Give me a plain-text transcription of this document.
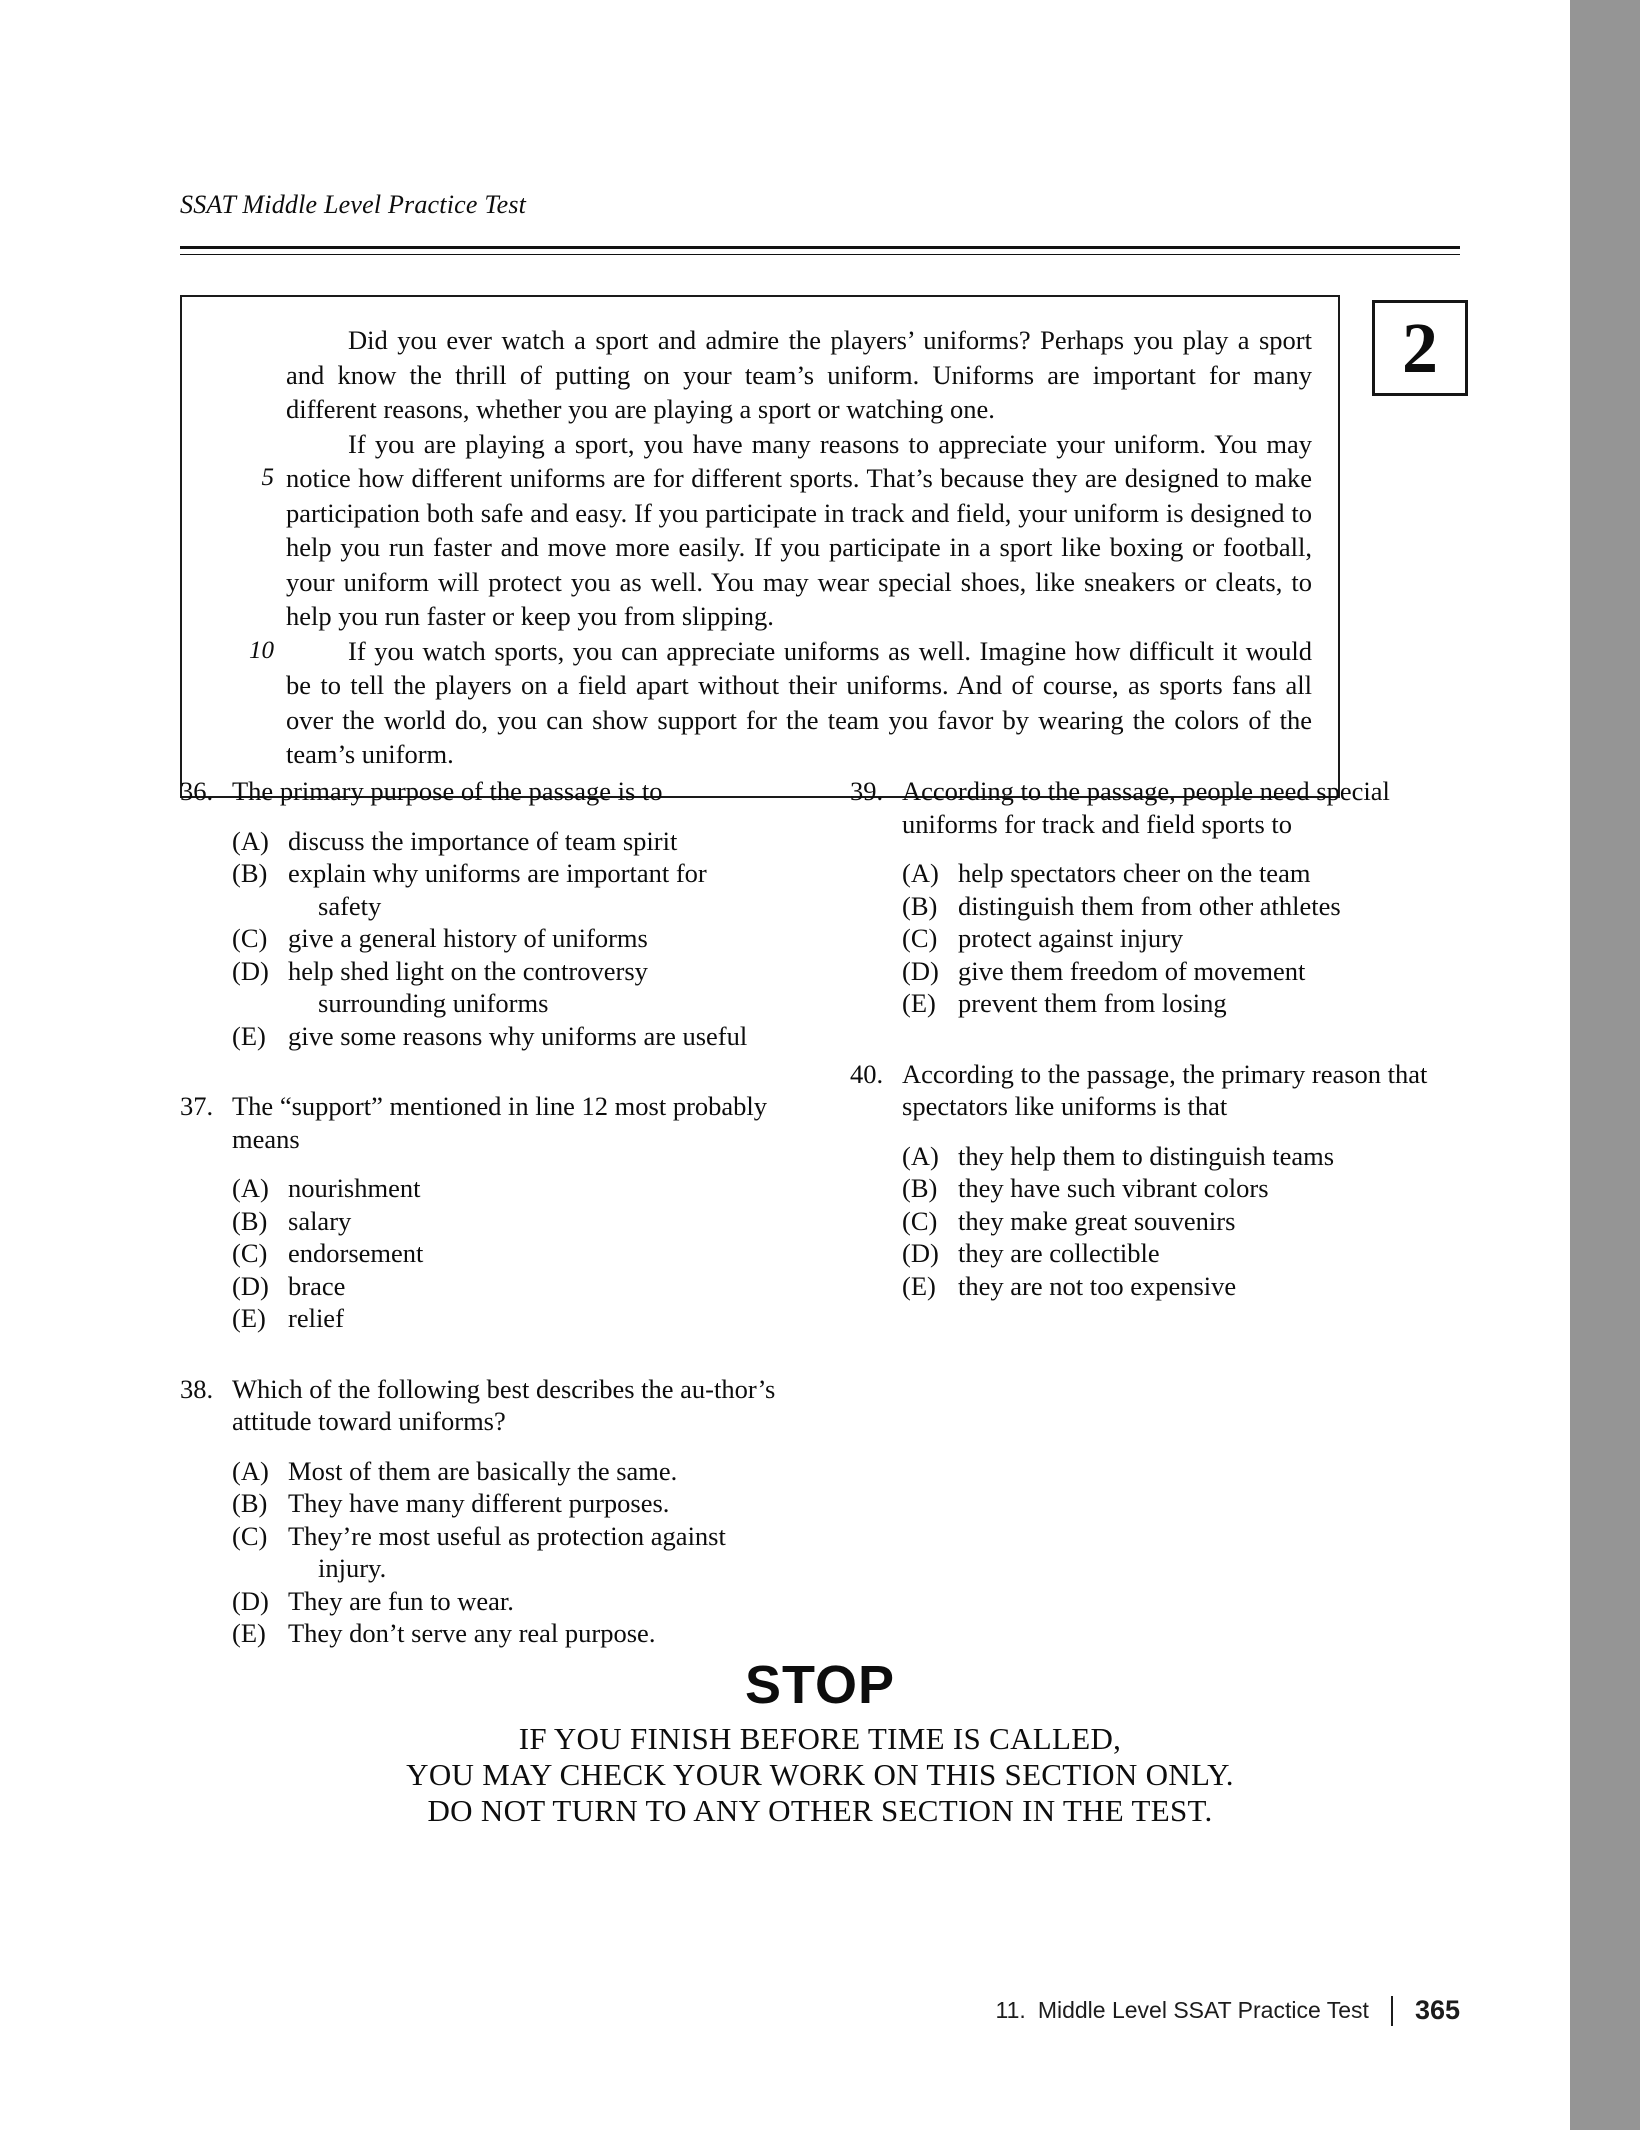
SSAT Middle Level Practice Test
5
10

Did you ever watch a sport and admire the players’ uniforms? Perhaps you play a sport and know the thrill of putting on your team’s uniform. Uniforms are important for many different reasons, whether you are playing a sport or watching one.

If you are playing a sport, you have many reasons to appreciate your uniform. You may notice how different uniforms are for different sports. That’s because they are designed to make participation both safe and easy. If you participate in track and field, your uniform is designed to help you run faster and move more easily. If you participate in a sport like boxing or football, your uniform will protect you as well. You may wear special shoes, like sneakers or cleats, to help you run faster or keep you from slipping.

If you watch sports, you can appreciate uniforms as well. Imagine how difficult it would be to tell the players on a field apart without their uniforms. And of course, as sports fans all over the world do, you can show support for the team you favor by wearing the colors of the team’s uniform.

2
36. The primary purpose of the passage is to
(A) discuss the importance of team spirit
(B) explain why uniforms are important for
safety
(C) give a general history of uniforms
(D) help shed light on the controversy
surrounding uniforms
(E) give some reasons why uniforms are useful
37. The “support” mentioned in line 12 most probably means
(A) nourishment
(B) salary
(C) endorsement
(D) brace
(E) relief
38. Which of the following best describes the au-thor’s attitude toward uniforms?
(A) Most of them are basically the same.
(B) They have many different purposes.
(C) They’re most useful as protection against
injury.
(D) They are fun to wear.
(E) They don’t serve any real purpose.
39. According to the passage, people need special uniforms for track and field sports to
(A) help spectators cheer on the team
(B) distinguish them from other athletes
(C) protect against injury
(D) give them freedom of movement
(E) prevent them from losing
40. According to the passage, the primary reason that spectators like uniforms is that
(A) they help them to distinguish teams
(B) they have such vibrant colors
(C) they make great souvenirs
(D) they are collectible
(E) they are not too expensive
STOP
IF YOU FINISH BEFORE TIME IS CALLED,
YOU MAY CHECK YOUR WORK ON THIS SECTION ONLY.
DO NOT TURN TO ANY OTHER SECTION IN THE TEST.
11. Middle Level SSAT Practice Test 365
